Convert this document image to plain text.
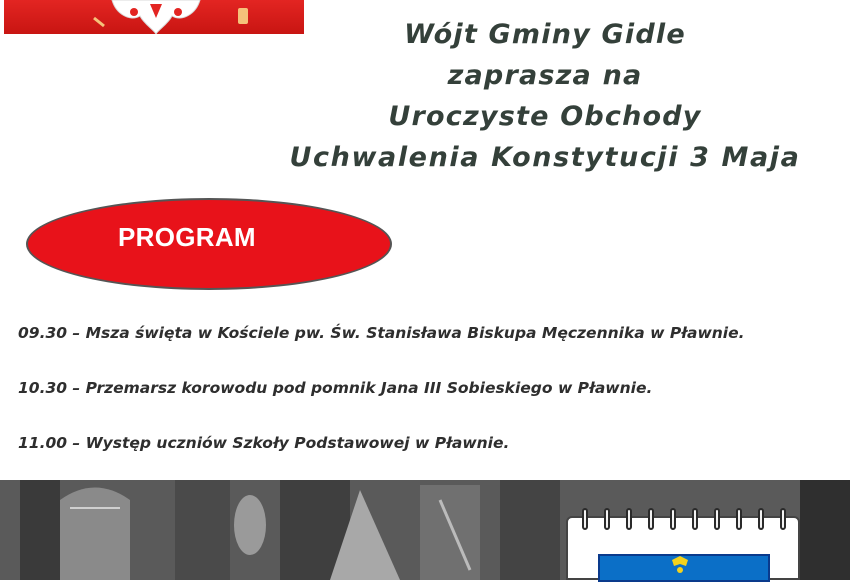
Wójt Gminy Gidle
zaprasza na
Uroczyste Obchody
Uchwalenia Konstytucji 3 Maja
PROGRAM
09.30 – Msza święta w Kościele pw. Św. Stanisława Biskupa Męczennika w Pławnie.
10.30 – Przemarsz korowodu pod pomnik Jana III Sobieskiego w Pławnie.
11.00 – Występ uczniów Szkoły Podstawowej w Pławnie.
